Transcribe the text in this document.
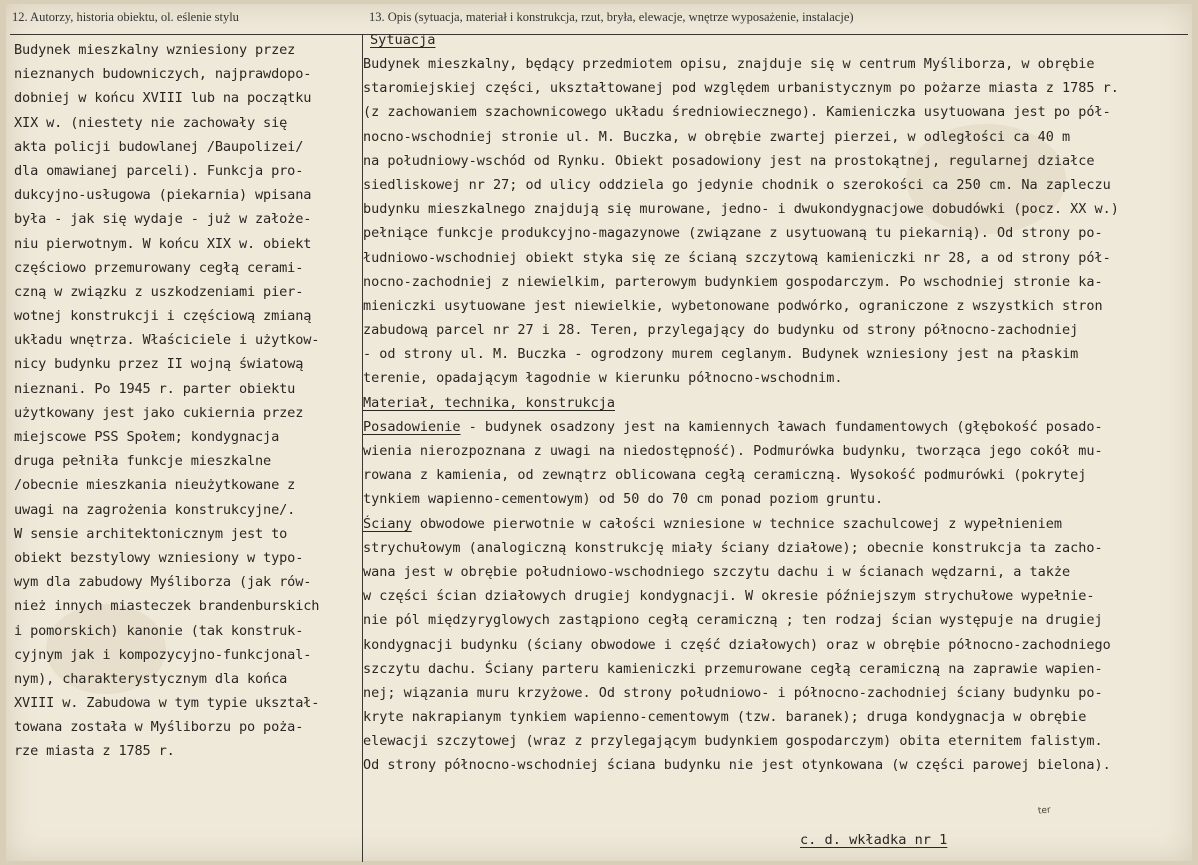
12. Autorzy, historia obiektu, ol. eślenie stylu	13. Opis (sytuacja, materiał i konstrukcja, rzut, bryła, elewacje, wnętrze wyposażenie, instalacje)
Budynek mieszkalny wzniesiony przez
nieznanych budowniczych, najprawdopo-
dobniej w końcu XVIII lub na początku
XIX w. (niestety nie zachowały się
akta policji budowlanej /Baupolizei/
dla omawianej parceli). Funkcja pro-
dukcyjno-usługowa (piekarnia) wpisana
była - jak się wydaje - już w założe-
niu pierwotnym. W końcu XIX w. obiekt
częściowo przemurowany cegłą cerami-
czną w związku z uszkodzeniami pier-
wotnej konstrukcji i częściową zmianą
układu wnętrza. Właściciele i użytkow-
nicy budynku przez II wojną światową
nieznani. Po 1945 r. parter obiektu
użytkowany jest jako cukiernia przez
miejscowe PSS Społem; kondygnacja
druga pełniła funkcje mieszkalne
/obecnie mieszkania nieużytkowane z
uwagi na zagrożenia konstrukcyjne/.
W sensie architektonicznym jest to
obiekt bezstylowy wzniesiony w typo-
wym dla zabudowy Myśliborza (jak rów-
nież innych miasteczek brandenburskich
i pomorskich) kanonie (tak konstruk-
cyjnym jak i kompozycyjno-funkcjonal-
nym), charakterystycznym dla końca
XVIII w. Zabudowa w tym typie ukształ-
towana została w Myśliborzu po poża-
rze miasta z 1785 r.
Sytuacja
Budynek mieszkalny, będący przedmiotem opisu, znajduje się w centrum Myśliborza, w obrębie
staromiejskiej części, ukształtowanej pod względem urbanistycznym po pożarze miasta z 1785 r.
(z zachowaniem szachownicowego układu średniowiecznego). Kamieniczka usytuowana jest po pół-
nocno-wschodniej stronie ul. M. Buczka, w obrębie zwartej pierzei, w odległości ca 40 m
na południowy-wschód od Rynku. Obiekt posadowiony jest na prostokątnej, regularnej działce
siedliskowej nr 27; od ulicy oddziela go jedynie chodnik o szerokości ca 250 cm. Na zapleczu
budynku mieszkalnego znajdują się murowane, jedno- i dwukondygnacjowe dobudówki (pocz. XX w.)
pełniące funkcje produkcyjno-magazynowe (związane z usytuowaną tu piekarnią). Od strony po-
łudniowo-wschodniej obiekt styka się ze ścianą szczytową kamieniczki nr 28, a od strony pół-
nocno-zachodniej z niewielkim, parterowym budynkiem gospodarczym. Po wschodniej stronie ka-
mieniczki usytuowane jest niewielkie, wybetonowane podwórko, ograniczone z wszystkich stron
zabudową parcel nr 27 i 28. Teren, przylegający do budynku od strony północno-zachodniej
- od strony ul. M. Buczka - ogrodzony murem ceglanym. Budynek wzniesiony jest na płaskim
terenie, opadającym łagodnie w kierunku północno-wschodnim.
Materiał, technika, konstrukcja
Posadowienie - budynek osadzony jest na kamiennych ławach fundamentowych (głębokość posado-
wienia nierozpoznana z uwagi na niedostępność). Podmurówka budynku, tworząca jego cokół mu-
rowana z kamienia, od zewnątrz oblicowana cegłą ceramiczną. Wysokość podmurówki (pokrytej
tynkiem wapienno-cementowym) od 50 do 70 cm ponad poziom gruntu.
Ściany obwodowe pierwotnie w całości wzniesione w technice szachulcowej z wypełnieniem
strychułowym (analogiczną konstrukcję miały ściany działowe); obecnie konstrukcja ta zacho-
wana jest w obrębie południowo-wschodniego szczytu dachu i w ścianach wędzarni, a także
w części ścian działowych drugiej kondygnacji. W okresie późniejszym strychułowe wypełnie-
nie pól międzyryglowych zastąpiono cegłą ceramiczną ; ten rodzaj ścian występuje na drugiej
kondygnacji budynku (ściany obwodowe i część działowych) oraz w obrębie północno-zachodniego
szczytu dachu. Ściany parteru kamieniczki przemurowane cegłą ceramiczną na zaprawie wapien-
nej; wiązania muru krzyżowe. Od strony południowo- i północno-zachodniej ściany budynku po-
kryte nakrapianym tynkiem wapienno-cementowym (tzw. baranek); druga kondygnacja w obrębie
elewacji szczytowej (wraz z przylegającym budynkiem gospodarczym) obita eternitem falistym.
Od strony północno-wschodniej ściana budynku nie jest otynkowana (w części parowej bielona).
ter
c. d. wkładka nr 1
